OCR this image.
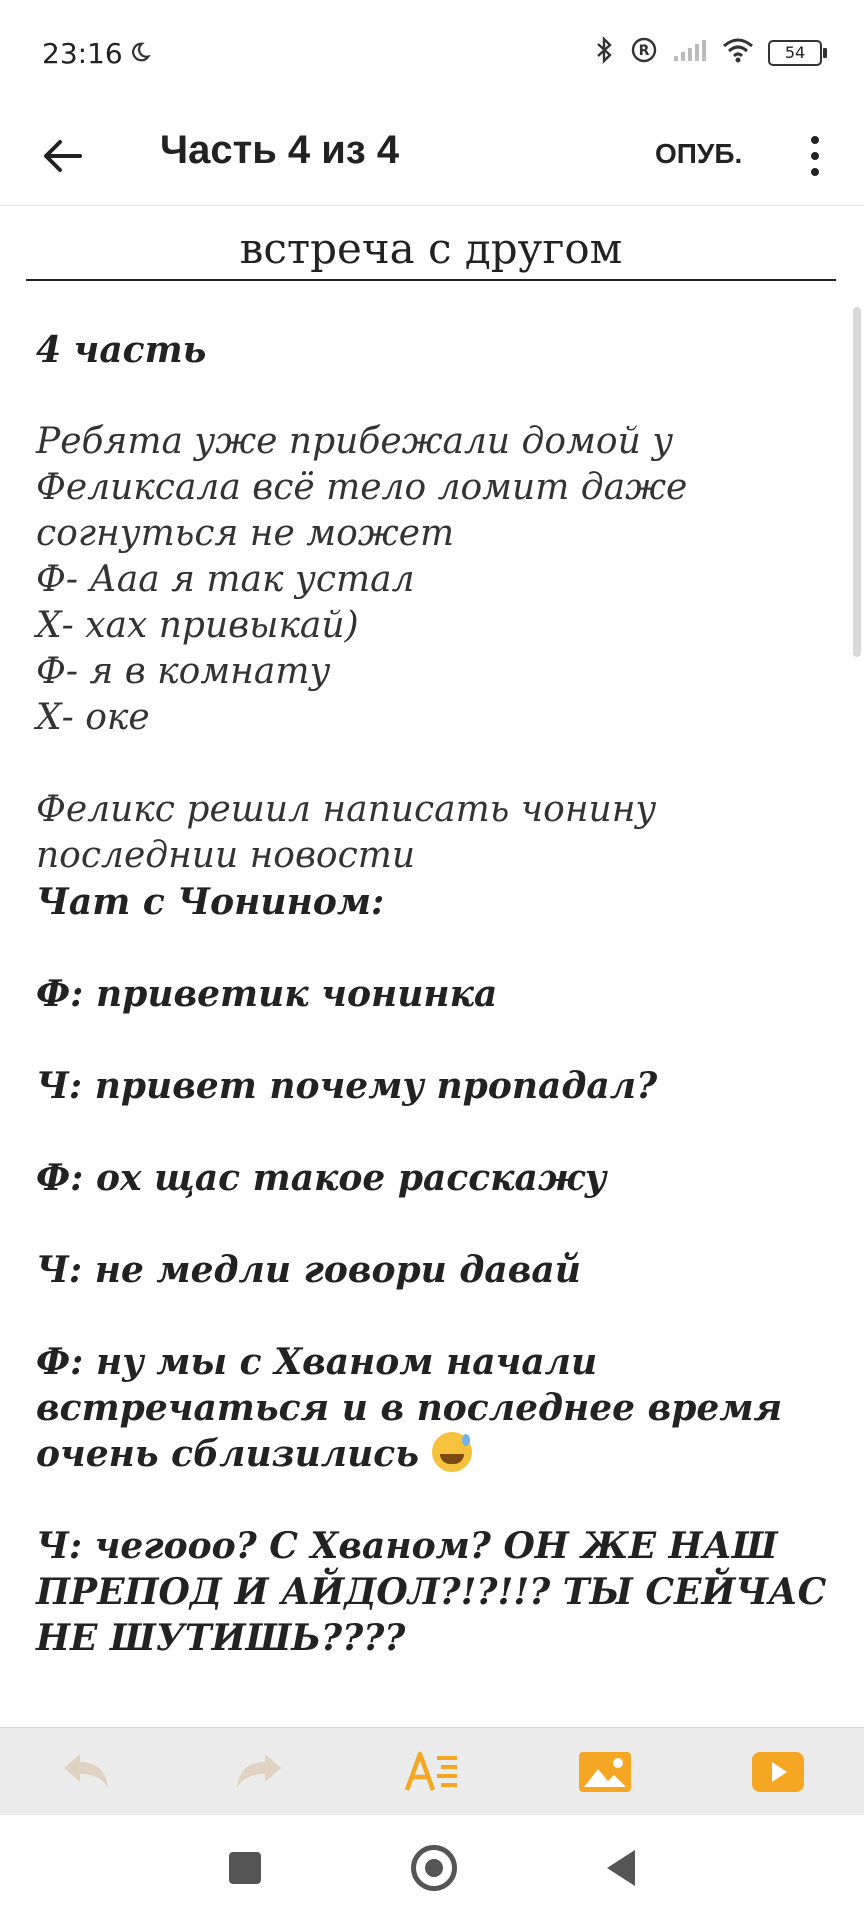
23:16	R	54
Часть 4 из 4	ОПУБ.
встреча с другом

4 часть

Ребята уже прибежали домой у

Феликсала всё тело ломит даже

согнуться не может

Ф- Ааа я так устал

Х- хах привыкай)

Ф- я в комнату

Х- оке

Феликс решил написать чонину

последнии новости

Чат с Чонином:

Ф: приветик чонинка

Ч: привет почему пропадал?

Ф: ох щас такое расскажу

Ч: не медли говори давай

Ф: ну мы с Хваном начали

встречаться и в последнее время

очень сблизились

Ч: чегооо? С Хваном? ОН ЖЕ НАШ

ПРЕПОД И АЙДОЛ?!?!!? ТЫ СЕЙЧАС

НЕ ШУТИШЬ????
